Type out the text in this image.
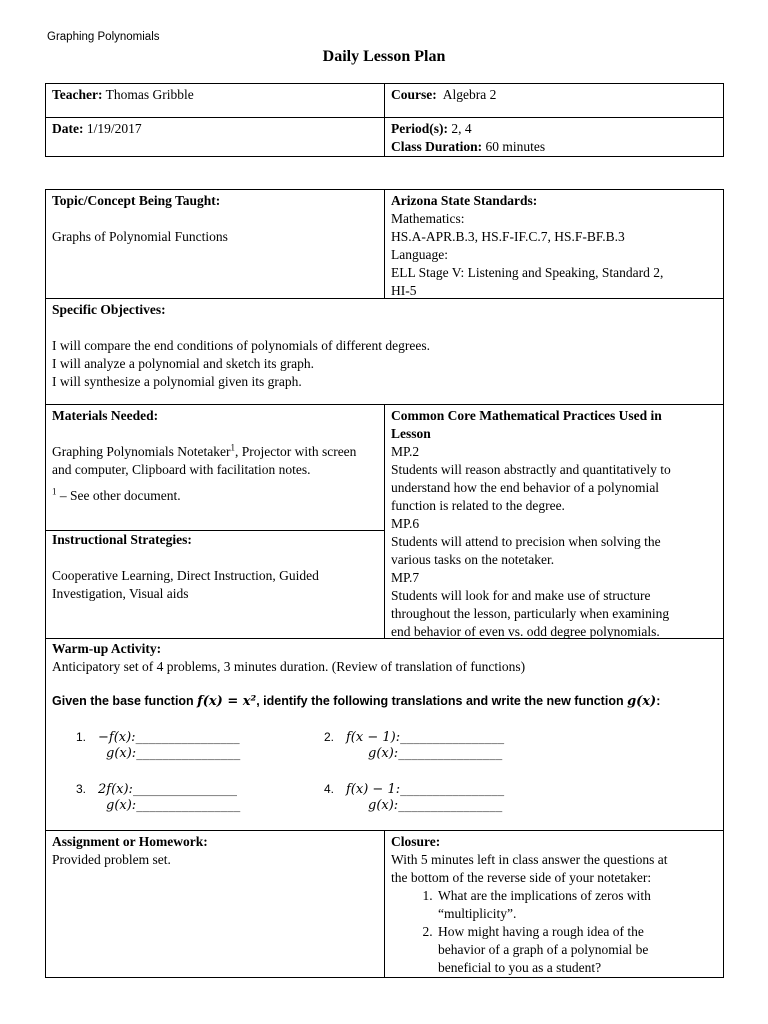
Graphing Polynomials
Daily Lesson Plan
Teacher: Thomas Gribble	Course: Algebra 2
Date: 1/19/2017	Period(s): 2, 4
Class Duration: 60 minutes
Topic/Concept Being Taught:
Graphs of Polynomial Functions
Arizona State Standards:
Mathematics:
HS.A-APR.B.3, HS.F-IF.C.7, HS.F-BF.B.3
Language:
ELL Stage V: Listening and Speaking, Standard 2,
HI-5
Specific Objectives:
I will compare the end conditions of polynomials of different degrees.
I will analyze a polynomial and sketch its graph.
I will synthesize a polynomial given its graph.
Materials Needed:
Graphing Polynomials Notetaker$^1$, Projector with screen and computer, Clipboard with facilitation notes.
$^1$ – See other document.
Instructional Strategies:
Cooperative Learning, Direct Instruction, Guided
Investigation, Visual aids
Common Core Mathematical Practices Used in
Lesson
MP.2
Students will reason abstractly and quantitatively to
understand how the end behavior of a polynomial
function is related to the degree.
MP.6
Students will attend to precision when solving the
various tasks on the notetaker.
MP.7
Students will look for and make use of structure
throughout the lesson, particularly when examining
end behavior of even vs. odd degree polynomials.
Warm-up Activity:
Anticipatory set of 4 problems, 3 minutes duration. (Review of translation of functions)
Given the base function f(x) = x², identify the following translations and write the new function g(x):
1. −f(x):________________
g(x):________________
2. f(x − 1):________________
g(x):________________
3. 2f(x):________________
g(x):________________
4. f(x) − 1:________________
g(x):________________
Assignment or Homework:
Provided problem set.
Closure:
With 5 minutes left in class answer the questions at
the bottom of the reverse side of your notetaker:
1. What are the implications of zeros with “multiplicity”.
2. How might having a rough idea of the behavior of a graph of a polynomial be beneficial to you as a student?
